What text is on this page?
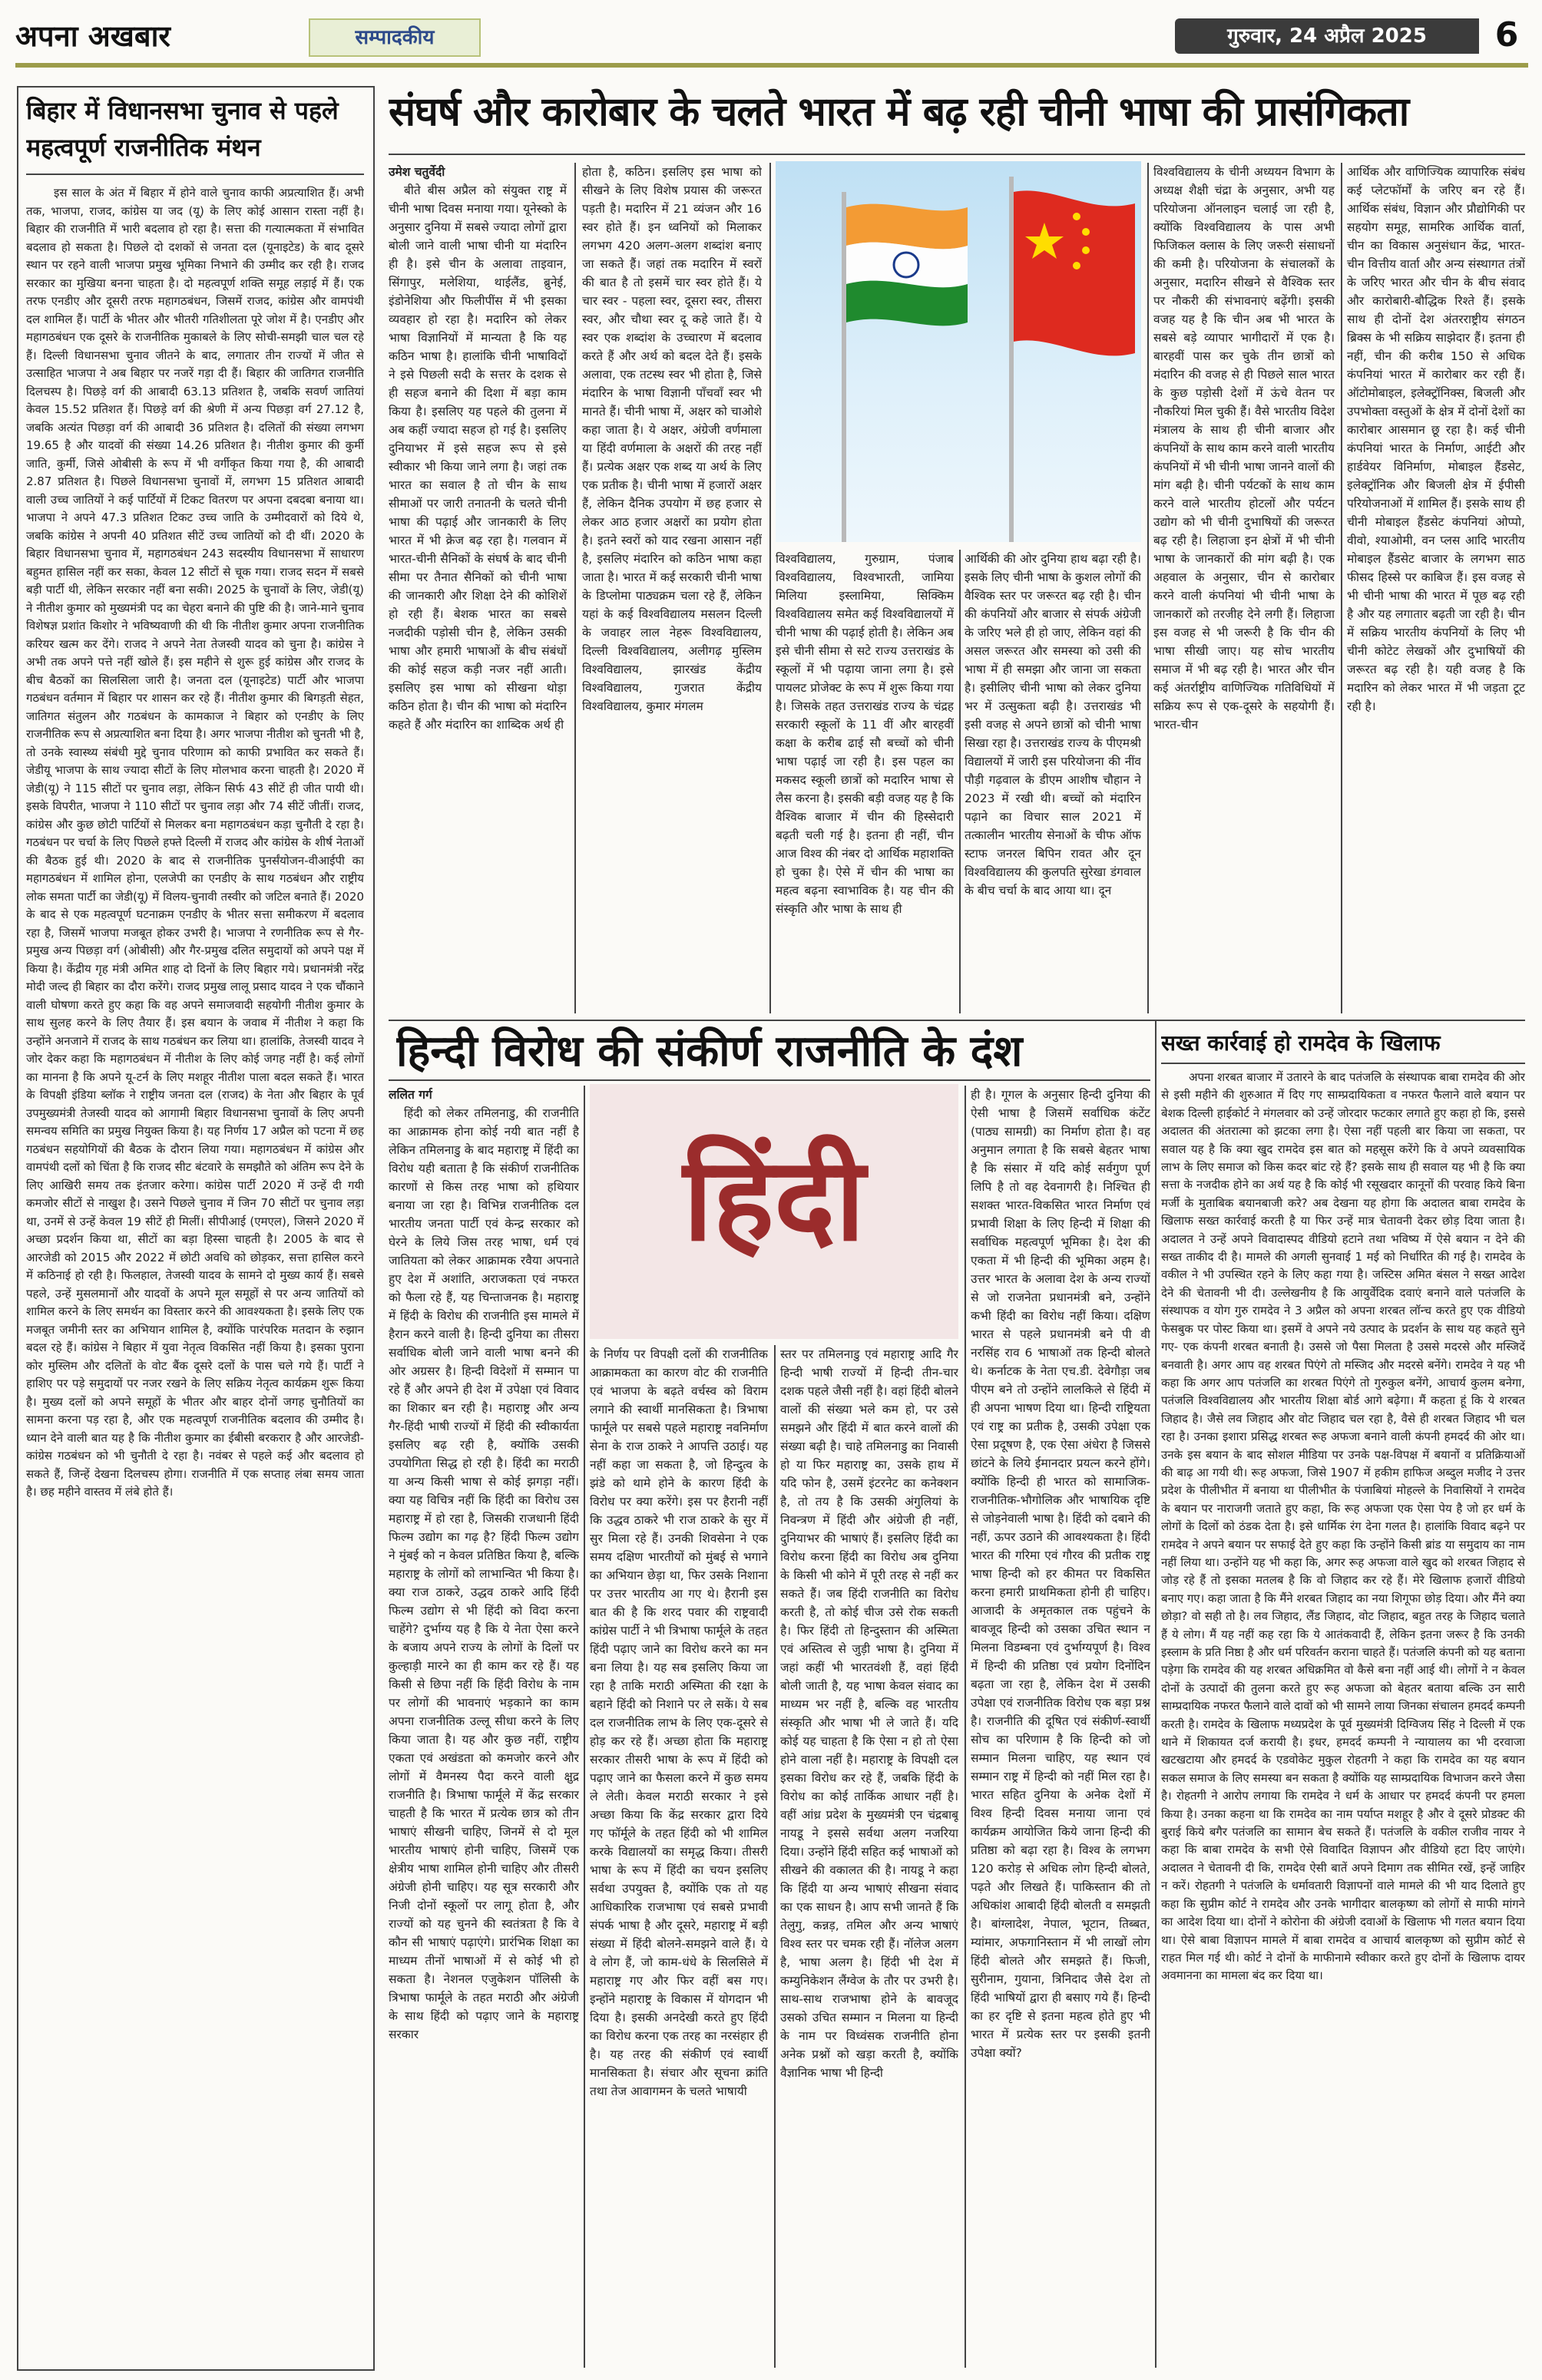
अपना अखबार	सम्पादकीय	गुरुवार, 24 अप्रैल 2025	6
बिहार में विधानसभा चुनाव से पहले महत्वपूर्ण राजनीतिक मंथन

इस साल के अंत में बिहार में होने वाले चुनाव काफी अप्रत्याशित हैं। अभी तक, भाजपा, राजद, कांग्रेस या जद (यू) के लिए कोई आसान रास्ता नहीं है। बिहार की राजनीति में भारी बदलाव हो रहा है। सत्ता की गत्यात्मकता में संभावित बदलाव हो सकता है। पिछले दो दशकों से जनता दल (यूनाइटेड) के बाद दूसरे स्थान पर रहने वाली भाजपा प्रमुख भूमिका निभाने की उम्मीद कर रही है। राजद सरकार का मुखिया बनना चाहता है। दो महत्वपूर्ण शक्ति समूह लड़ाई में हैं। एक तरफ एनडीए और दूसरी तरफ महागठबंधन, जिसमें राजद, कांग्रेस और वामपंथी दल शामिल हैं। पार्टी के भीतर और भीतरी गतिशीलता पूरे जोश में है। एनडीए और महागठबंधन एक दूसरे के राजनीतिक मुकाबले के लिए सोची-समझी चाल चल रहे हैं। दिल्ली विधानसभा चुनाव जीतने के बाद, लगातार तीन राज्यों में जीत से उत्साहित भाजपा ने अब बिहार पर नजरें गड़ा दी हैं। बिहार की जातिगत राजनीति दिलचस्प है। पिछड़े वर्ग की आबादी 63.13 प्रतिशत है, जबकि सवर्ण जातियां केवल 15.52 प्रतिशत हैं। पिछड़े वर्ग की श्रेणी में अन्य पिछड़ा वर्ग 27.12 है, जबकि अत्यंत पिछड़ा वर्ग की आबादी 36 प्रतिशत है। दलितों की संख्या लगभग 19.65 है और यादवों की संख्या 14.26 प्रतिशत है। नीतीश कुमार की कुर्मी जाति, कुर्मी, जिसे ओबीसी के रूप में भी वर्गीकृत किया गया है, की आबादी 2.87 प्रतिशत है। पिछले विधानसभा चुनावों में, लगभग 15 प्रतिशत आबादी वाली उच्च जातियों ने कई पार्टियों में टिकट वितरण पर अपना दबदबा बनाया था। भाजपा ने अपने 47.3 प्रतिशत टिकट उच्च जाति के उम्मीदवारों को दिये थे, जबकि कांग्रेस ने अपनी 40 प्रतिशत सीटें उच्च जातियों को दी थीं। 2020 के बिहार विधानसभा चुनाव में, महागठबंधन 243 सदस्यीय विधानसभा में साधारण बहुमत हासिल नहीं कर सका, केवल 12 सीटों से चूक गया। राजद सदन में सबसे बड़ी पार्टी थी, लेकिन सरकार नहीं बना सकी। 2025 के चुनावों के लिए, जेडी(यू) ने नीतीश कुमार को मुख्यमंत्री पद का चेहरा बनाने की पुष्टि की है। जाने-माने चुनाव विशेषज्ञ प्रशांत किशोर ने भविष्यवाणी की थी कि नीतीश कुमार अपना राजनीतिक करियर खत्म कर देंगे। राजद ने अपने नेता तेजस्वी यादव को चुना है। कांग्रेस ने अभी तक अपने पत्ते नहीं खोले हैं। इस महीने से शुरू हुई कांग्रेस और राजद के बीच बैठकों का सिलसिला जारी है। जनता दल (यूनाइटेड) पार्टी और भाजपा गठबंधन वर्तमान में बिहार पर शासन कर रहे हैं। नीतीश कुमार की बिगड़ती सेहत, जातिगत संतुलन और गठबंधन के कामकाज ने बिहार को एनडीए के लिए राजनीतिक रूप से अप्रत्याशित बना दिया है। अगर भाजपा नीतीश को चुनती भी है, तो उनके स्वास्थ्य संबंधी मुद्दे चुनाव परिणाम को काफी प्रभावित कर सकते हैं। जेडीयू भाजपा के साथ ज्यादा सीटों के लिए मोलभाव करना चाहती है। 2020 में जेडी(यू) ने 115 सीटों पर चुनाव लड़ा, लेकिन सिर्फ 43 सीटें ही जीत पायी थी। इसके विपरीत, भाजपा ने 110 सीटों पर चुनाव लड़ा और 74 सीटें जीतीं। राजद, कांग्रेस और कुछ छोटी पार्टियों से मिलकर बना महागठबंधन कड़ा चुनौती दे रहा है। गठबंधन पर चर्चा के लिए पिछले हफ्ते दिल्ली में राजद और कांग्रेस के शीर्ष नेताओं की बैठक हुई थी। 2020 के बाद से राजनीतिक पुनर्संयोजन-वीआईपी का महागठबंधन में शामिल होना, एलजेपी का एनडीए के साथ गठबंधन और राष्ट्रीय लोक समता पार्टी का जेडी(यू) में विलय-चुनावी तस्वीर को जटिल बनाते हैं। 2020 के बाद से एक महत्वपूर्ण घटनाक्रम एनडीए के भीतर सत्ता समीकरण में बदलाव रहा है, जिसमें भाजपा मजबूत होकर उभरी है। भाजपा ने रणनीतिक रूप से गैर-प्रमुख अन्य पिछड़ा वर्ग (ओबीसी) और गैर-प्रमुख दलित समुदायों को अपने पक्ष में किया है। केंद्रीय गृह मंत्री अमित शाह दो दिनों के लिए बिहार गये। प्रधानमंत्री नरेंद्र मोदी जल्द ही बिहार का दौरा करेंगे। राजद प्रमुख लालू प्रसाद यादव ने एक चौंकाने वाली घोषणा करते हुए कहा कि वह अपने समाजवादी सहयोगी नीतीश कुमार के साथ सुलह करने के लिए तैयार हैं। इस बयान के जवाब में नीतीश ने कहा कि उन्होंने अनजाने में राजद के साथ गठबंधन कर लिया था। हालांकि, तेजस्वी यादव ने जोर देकर कहा कि महागठबंधन में नीतीश के लिए कोई जगह नहीं है। कई लोगों का मानना है कि अपने यू-टर्न के लिए मशहूर नीतीश पाला बदल सकते हैं। भारत के विपक्षी इंडिया ब्लॉक ने राष्ट्रीय जनता दल (राजद) के नेता और बिहार के पूर्व उपमुख्यमंत्री तेजस्वी यादव को आगामी बिहार विधानसभा चुनावों के लिए अपनी समन्वय समिति का प्रमुख नियुक्त किया है। यह निर्णय 17 अप्रैल को पटना में छह गठबंधन सहयोगियों की बैठक के दौरान लिया गया। महागठबंधन में कांग्रेस और वामपंथी दलों को चिंता है कि राजद सीट बंटवारे के समझौते को अंतिम रूप देने के लिए आखिरी समय तक इंतजार करेगा। कांग्रेस पार्टी 2020 में उन्हें दी गयी कमजोर सीटों से नाखुश है। उसने पिछले चुनाव में जिन 70 सीटों पर चुनाव लड़ा था, उनमें से उन्हें केवल 19 सीटें ही मिलीं। सीपीआई (एमएल), जिसने 2020 में अच्छा प्रदर्शन किया था, सीटों का बड़ा हिस्सा चाहती है। 2005 के बाद से आरजेडी को 2015 और 2022 में छोटी अवधि को छोड़कर, सत्ता हासिल करने में कठिनाई हो रही है। फिलहाल, तेजस्वी यादव के सामने दो मुख्य कार्य हैं। सबसे पहले, उन्हें मुसलमानों और यादवों के अपने मूल समूहों से पर अन्य जातियों को शामिल करने के लिए समर्थन का विस्तार करने की आवश्यकता है। इसके लिए एक मजबूत जमीनी स्तर का अभियान शामिल है, क्योंकि पारंपरिक मतदान के रुझान बदल रहे हैं। कांग्रेस ने बिहार में युवा नेतृत्व विकसित नहीं किया है। इसका पुराना कोर मुस्लिम और दलितों के वोट बैंक दूसरे दलों के पास चले गये हैं। पार्टी ने हाशिए पर पड़े समुदायों पर नजर रखने के लिए सक्रिय नेतृत्व कार्यक्रम शुरू किया है। मुख्य दलों को अपने समूहों के भीतर और बाहर दोनों जगह चुनौतियों का सामना करना पड़ रहा है, और एक महत्वपूर्ण राजनीतिक बदलाव की उम्मीद है। ध्यान देने वाली बात यह है कि नीतीश कुमार का ईबीसी बरकरार है और आरजेडी-कांग्रेस गठबंधन को भी चुनौती दे रहा है। नवंबर से पहले कई और बदलाव हो सकते हैं, जिन्हें देखना दिलचस्प होगा। राजनीति में एक सप्ताह लंबा समय जाता है। छह महीने वास्तव में लंबे होते हैं।

संघर्ष और कारोबार के चलते भारत में बढ़ रही चीनी भाषा की प्रासंगिकता

उमेश चतुर्वेदी

बीते बीस अप्रैल को संयुक्त राष्ट्र में चीनी भाषा दिवस मनाया गया। यूनेस्को के अनुसार दुनिया में सबसे ज्यादा लोगों द्वारा बोली जाने वाली भाषा चीनी या मंदारिन ही है। इसे चीन के अलावा ताइवान, सिंगापुर, मलेशिया, थाईलैंड, ब्रुनेई, इंडोनेशिया और फिलीपींस में भी इसका व्यवहार हो रहा है। मदारिन को लेकर भाषा विज्ञानियों में मान्यता है कि यह कठिन भाषा है। हालांकि चीनी भाषाविदों ने इसे पिछली सदी के सत्तर के दशक से ही सहज बनाने की दिशा में बड़ा काम किया है। इसलिए यह पहले की तुलना में अब कहीं ज्यादा सहज हो गई है। इसलिए दुनियाभर में इसे सहज रूप से इसे स्वीकार भी किया जाने लगा है। जहां तक भारत का सवाल है तो चीन के साथ सीमाओं पर जारी तनातनी के चलते चीनी भाषा की पढ़ाई और जानकारी के लिए भारत में भी क्रेज बढ़ रहा है। गलवान में भारत-चीनी सैनिकों के संघर्ष के बाद चीनी सीमा पर तैनात सैनिकों को चीनी भाषा की जानकारी और शिक्षा देने की कोशिशें हो रही हैं। बेशक भारत का सबसे नजदीकी पड़ोसी चीन है, लेकिन उसकी भाषा और हमारी भाषाओं के बीच संबंधों की कोई सहज कड़ी नजर नहीं आती। इसलिए इस भाषा को सीखना थोड़ा कठिन होता है। चीन की भाषा को मंदारिन कहते हैं और मंदारिन का शाब्दिक अर्थ ही

होता है, कठिन। इसलिए इस भाषा को सीखने के लिए विशेष प्रयास की जरूरत पड़ती है। मदारिन में 21 व्यंजन और 16 स्वर होते हैं। इन ध्वनियों को मिलाकर लगभग 420 अलग-अलग शब्दांश बनाए जा सकते हैं। जहां तक मदारिन में स्वरों की बात है तो इसमें चार स्वर होते हैं। ये चार स्वर - पहला स्वर, दूसरा स्वर, तीसरा स्वर, और चौथा स्वर दू कहे जाते हैं। ये स्वर एक शब्दांश के उच्चारण में बदलाव करते हैं और अर्थ को बदल देते हैं। इसके अलावा, एक तटस्थ स्वर भी होता है, जिसे मंदारिन के भाषा विज्ञानी पाँचवाँ स्वर भी मानते हैं। चीनी भाषा में, अक्षर को चाओशे कहा जाता है। ये अक्षर, अंग्रेजी वर्णमाला या हिंदी वर्णमाला के अक्षरों की तरह नहीं हैं। प्रत्येक अक्षर एक शब्द या अर्थ के लिए एक प्रतीक है। चीनी भाषा में हजारों अक्षर हैं, लेकिन दैनिक उपयोग में छह हजार से लेकर आठ हजार अक्षरों का प्रयोग होता है। इतने स्वरों को याद रखना आसान नहीं है, इसलिए मंदारिन को कठिन भाषा कहा जाता है। भारत में कई सरकारी चीनी भाषा के डिप्लोमा पाठ्यक्रम चला रहे हैं, लेकिन यहां के कई विश्वविद्यालय मसलन दिल्ली के जवाहर लाल नेहरू विश्वविद्यालय, दिल्ली विश्वविद्यालय, अलीगढ़ मुस्लिम विश्वविद्यालय, झारखंड केंद्रीय विश्वविद्यालय, गुजरात केंद्रीय विश्वविद्यालय, कुमार मंगलम

विश्वविद्यालय, गुरुग्राम, पंजाब विश्वविद्यालय, विश्वभारती, जामिया मिलिया इस्लामिया, सिक्किम विश्वविद्यालय समेत कई विश्वविद्यालयों में चीनी भाषा की पढ़ाई होती है। लेकिन अब इसे चीनी सीमा से सटे राज्य उत्तराखंड के स्कूलों में भी पढ़ाया जाना लगा है। इसे पायलट प्रोजेक्ट के रूप में शुरू किया गया है। जिसके तहत उत्तराखंड राज्य के चंद्रह सरकारी स्कूलों के 11 वीं और बारहवीं कक्षा के करीब ढाई सौ बच्चों को चीनी भाषा पढ़ाई जा रही है। इस पहल का मकसद स्कूली छात्रों को मदारिन भाषा से लैस करना है। इसकी बड़ी वजह यह है कि वैश्विक बाजार में चीन की हिस्सेदारी बढ़ती चली गई है। इतना ही नहीं, चीन आज विश्व की नंबर दो आर्थिक महाशक्ति हो चुका है। ऐसे में चीन की भाषा का महत्व बढ़ना स्वाभाविक है। यह चीन की संस्कृति और भाषा के साथ ही

आर्थिकी की ओर दुनिया हाथ बढ़ा रही है। इसके लिए चीनी भाषा के कुशल लोगों की वैश्विक स्तर पर जरूरत बढ़ रही है। चीन की कंपनियों और बाजार से संपर्क अंग्रेजी के जरिए भले ही हो जाए, लेकिन वहां की असल जरूरत और समस्या को उसी की भाषा में ही समझा और जाना जा सकता है। इसीलिए चीनी भाषा को लेकर दुनिया भर में उत्सुकता बढ़ी है। उत्तराखंड भी इसी वजह से अपने छात्रों को चीनी भाषा सिखा रहा है। उत्तराखंड राज्य के पीएमश्री विद्यालयों में जारी इस परियोजना की नींव पौड़ी गढ़वाल के डीएम आशीष चौहान ने 2023 में रखी थी। बच्चों को मंदारिन पढ़ाने का विचार साल 2021 में तत्कालीन भारतीय सेनाओं के चीफ ऑफ स्टाफ जनरल बिपिन रावत और दून विश्वविद्यालय की कुलपति सुरेखा डंगवाल के बीच चर्चा के बाद आया था। दून

विश्वविद्यालय के चीनी अध्ययन विभाग के अध्यक्ष शैक्षी चंद्रा के अनुसार, अभी यह परियोजना ऑनलाइन चलाई जा रही है, क्योंकि विश्वविद्यालय के पास अभी फिजिकल क्लास के लिए जरूरी संसाधनों की कमी है। परियोजना के संचालकों के अनुसार, मदारिन सीखने से वैश्विक स्तर पर नौकरी की संभावनाएं बढ़ेंगी। इसकी वजह यह है कि चीन अब भी भारत के सबसे बड़े व्यापार भागीदारों में एक है। बारहवीं पास कर चुके तीन छात्रों को मंदारिन की वजह से ही पिछले साल भारत के कुछ पड़ोसी देशों में ऊंचे वेतन पर नौकरियां मिल चुकी हैं। वैसे भारतीय विदेश मंत्रालय के साथ ही चीनी बाजार और कंपनियों के साथ काम करने वाली भारतीय कंपनियों में भी चीनी भाषा जानने वालों की मांग बढ़ी है। चीनी पर्यटकों के साथ काम करने वाले भारतीय होटलों और पर्यटन उद्योग को भी चीनी दुभाषियों की जरूरत बढ़ रही है। लिहाजा इन क्षेत्रों में भी चीनी भाषा के जानकारों की मांग बढ़ी है। एक अहवाल के अनुसार, चीन से कारोबार करने वाली कंपनियां भी चीनी भाषा के जानकारों को तरजीह देने लगी हैं। लिहाजा इस वजह से भी जरूरी है कि चीन की भाषा सीखी जाए। यह सोच भारतीय समाज में भी बढ़ रही है। भारत और चीन कई अंतर्राष्ट्रीय वाणिज्यिक गतिविधियों में सक्रिय रूप से एक-दूसरे के सहयोगी हैं। भारत-चीन

आर्थिक और वाणिज्यिक व्यापारिक संबंध कई प्लेटफॉर्मों के जरिए बन रहे हैं। आर्थिक संबंध, विज्ञान और प्रौद्योगिकी पर सहयोग समूह, सामरिक आर्थिक वार्ता, चीन का विकास अनुसंधान केंद्र, भारत-चीन वित्तीय वार्ता और अन्य संस्थागत तंत्रों के जरिए भारत और चीन के बीच संवाद और कारोबारी-बौद्धिक रिश्ते हैं। इसके साथ ही दोनों देश अंतरराष्ट्रीय संगठन ब्रिक्स के भी सक्रिय साझेदार हैं। इतना ही नहीं, चीन की करीब 150 से अधिक कंपनियां भारत में कारोबार कर रही हैं। ऑटोमोबाइल, इलेक्ट्रॉनिक्स, बिजली और उपभोक्ता वस्तुओं के क्षेत्र में दोनों देशों का कारोबार आसमान छू रहा है। कई चीनी कंपनियां भारत के निर्माण, आईटी और हार्डवेयर विनिर्माण, मोबाइल हैंडसेट, इलेक्ट्रॉनिक और बिजली क्षेत्र में ईपीसी परियोजनाओं में शामिल हैं। इसके साथ ही चीनी मोबाइल हैंडसेट कंपनियां ओप्पो, वीवो, श्याओमी, वन प्लस आदि भारतीय मोबाइल हैंडसेट बाजार के लगभग साठ फीसद हिस्से पर काबिज हैं। इस वजह से भी चीनी भाषा की भारत में पूछ बढ़ रही है और यह लगातार बढ़ती जा रही है। चीन में सक्रिय भारतीय कंपनियों के लिए भी चीनी कोटेट लेखकों और दुभाषियों की जरूरत बढ़ रही है। यही वजह है कि मदारिन को लेकर भारत में भी जड़ता टूट रही है।

हिन्दी विरोध की संकीर्ण राजनीति के दंश	सख्त कार्रवाई हो रामदेव के खिलाफ

अपना शरबत बाजार में उतारने के बाद पतंजलि के संस्थापक बाबा रामदेव की ओर से इसी महीने की शुरुआत में दिए गए साम्प्रदायिकता व नफरत फैलाने वाले बयान पर बेशक दिल्ली हाईकोर्ट ने मंगलवार को उन्हें जोरदार फटकार लगाते हुए कहा हो कि, इससे अदालत की अंतरात्मा को झटका लगा है। ऐसा नहीं पहली बार किया जा सकता, पर सवाल यह है कि क्या खुद रामदेव इस बात को महसूस करेंगे कि वे अपने व्यवसायिक लाभ के लिए समाज को किस कदर बांट रहे हैं? इसके साथ ही सवाल यह भी है कि क्या सत्ता के नजदीक होने का अर्थ यह है कि कोई भी रसूखदार कानूनों की परवाह किये बिना मर्जी के मुताबिक बयानबाजी करे? अब देखना यह होगा कि अदालत बाबा रामदेव के खिलाफ सख्त कार्रवाई करती है या फिर उन्हें मात्र चेतावनी देकर छोड़ दिया जाता है। अदालत ने उन्हें अपने विवादास्पद वीडियो हटाने तथा भविष्य में ऐसे बयान न देने की सख्त ताकीद दी है। मामले की अगली सुनवाई 1 मई को निर्धारित की गई है। रामदेव के वकील ने भी उपस्थित रहने के लिए कहा गया है। जस्टिस अमित बंसल ने सख्त आदेश देने की चेतावनी भी दी। उल्लेखनीय है कि आयुर्वेदिक दवाएं बनाने वाले पतंजलि के संस्थापक व योग गुरु रामदेव ने 3 अप्रैल को अपना शरबत लॉन्च करते हुए एक वीडियो फेसबुक पर पोस्ट किया था। इसमें वे अपने नये उत्पाद के प्रदर्शन के साथ यह कहते सुने गए- एक कंपनी शरबत बनाती है। उससे जो पैसा मिलता है उससे मदरसे और मस्जिदें बनवाती है। अगर आप वह शरबत पिएंगे तो मस्जिद और मदरसे बनेंगे। रामदेव ने यह भी कहा कि अगर आप पतंजलि का शरबत पिएंगे तो गुरुकुल बनेंगे, आचार्य कुलम बनेगा, पतंजलि विश्वविद्यालय और भारतीय शिक्षा बोर्ड आगे बढ़ेगा। मैं कहता हूं कि ये शरबत जिहाद है। जैसे लव जिहाद और वोट जिहाद चल रहा है, वैसे ही शरबत जिहाद भी चल रहा है। उनका इशारा प्रसिद्ध शरबत रूह अफजा बनाने वाली कंपनी हमदर्द की ओर था। उनके इस बयान के बाद सोशल मीडिया पर उनके पक्ष-विपक्ष में बयानों व प्रतिक्रियाओं की बाढ़ आ गयी थी। रूह अफजा, जिसे 1907 में हकीम हाफिज अब्दुल मजीद ने उत्तर प्रदेश के पीलीभीत में बनाया था पीलीभीत के पंजाबियां मोहल्ले के निवासियों ने रामदेव के बयान पर नाराजगी जताते हुए कहा, कि रूह अफजा एक ऐसा पेय है जो हर धर्म के लोगों के दिलों को ठंडक देता है। इसे धार्मिक रंग देना गलत है। हालांकि विवाद बढ़ने पर रामदेव ने अपने बयान पर सफाई देते हुए कहा कि उन्होंने किसी ब्रांड या समुदाय का नाम नहीं लिया था। उन्होंने यह भी कहा कि, अगर रूह अफजा वाले खुद को शरबत जिहाद से जोड़ रहे हैं तो इसका मतलब है कि वो जिहाद कर रहे हैं। मेरे खिलाफ हजारों वीडियो बनाए गए। कहा जाता है कि मैंने शरबत जिहाद का नया शिगूफा छोड़ दिया। और मैंने क्या छोड़ा? वो सही तो है। लव जिहाद, लैंड जिहाद, वोट जिहाद, बहुत तरह के जिहाद चलाते हैं ये लोग। मैं यह नहीं कह रहा कि ये आतंकवादी हैं, लेकिन इतना जरूर है कि उनकी इस्लाम के प्रति निष्ठा है और धर्म परिवर्तन कराना चाहते हैं। पतंजलि कंपनी को यह बताना पड़ेगा कि रामदेव की यह शरबत अधिक्रमित वो कैसे बना नहीं आई थी। लोगों ने न केवल दोनों के उत्पादों की तुलना करते हुए रूह अफजा को बेहतर बताया बल्कि उन सारी साम्प्रदायिक नफरत फैलाने वाले दावों को भी सामने लाया जिनका संचालन हमदर्द कम्पनी करती है। रामदेव के खिलाफ मध्यप्रदेश के पूर्व मुख्यमंत्री दिग्विजय सिंह ने दिल्ली में एक थाने में शिकायत दर्ज करायी है। इधर, हमदर्द कम्पनी ने न्यायालय का भी दरवाजा खटखटाया और हमदर्द के एडवोकेट मुकुल रोहतगी ने कहा कि रामदेव का यह बयान सकल समाज के लिए समस्या बन सकता है क्योंकि यह साम्प्रदायिक विभाजन करने जैसा है। रोहतगी ने आरोप लगाया कि रामदेव ने धर्म के आधार पर हमदर्द कंपनी पर हमला किया है। उनका कहना था कि रामदेव का नाम पर्याप्त मशहूर है और वे दूसरे प्रोडक्ट की बुराई किये बगैर पतंजलि का सामान बेच सकते हैं। पतंजलि के वकील राजीव नायर ने कहा कि बाबा रामदेव के सभी ऐसे विवादित विज्ञापन और वीडियो हटा दिए जाएंगे। अदालत ने चेतावनी दी कि, रामदेव ऐसी बातें अपने दिमाग तक सीमित रखें, इन्हें जाहिर न करें। रोहतगी ने पतंजलि के धर्मावतारी विज्ञापनों वाले मामले की भी याद दिलाते हुए कहा कि सुप्रीम कोर्ट ने रामदेव और उनके भागीदार बालकृष्ण को लोगों से माफी मांगने का आदेश दिया था। दोनों ने कोरोना की अंग्रेजी दवाओं के खिलाफ भी गलत बयान दिया था। ऐसे बाबा विज्ञापन मामले में बाबा रामदेव व आचार्य बालकृष्ण को सुप्रीम कोर्ट से राहत मिल गई थी। कोर्ट ने दोनों के माफीनामे स्वीकार करते हुए दोनों के खिलाफ दायर अवमानना का मामला बंद कर दिया था।

ललित गर्ग

हिंदी को लेकर तमिलनाडु, की राजनीति का आक्रामक होना कोई नयी बात नहीं है लेकिन तमिलनाडु के बाद महाराष्ट्र में हिंदी का विरोध यही बताता है कि संकीर्ण राजनीतिक कारणों से किस तरह भाषा को हथियार बनाया जा रहा है। विभिन्न राजनीतिक दल भारतीय जनता पार्टी एवं केन्द्र सरकार को घेरने के लिये जिस तरह भाषा, धर्म एवं जातियता को लेकर आक्रामक रवैया अपनाते हुए देश में अशांति, अराजकता एवं नफरत को फैला रहे हैं, यह चिन्ताजनक है। महाराष्ट्र में हिंदी के विरोध की राजनीति इस मामले में हैरान करने वाली है। हिन्दी दुनिया का तीसरा सर्वाधिक बोली जाने वाली भाषा बनने की ओर अग्रसर है। हिन्दी विदेशों में सम्मान पा रहे हैं और अपने ही देश में उपेक्षा एवं विवाद का शिकार बन रही है। महाराष्ट्र और अन्य गैर-हिंदी भाषी राज्यों में हिंदी की स्वीकार्यता इसलिए बढ़ रही है, क्योंकि उसकी उपयोगिता सिद्ध हो रही है। हिंदी का मराठी या अन्य किसी भाषा से कोई झगड़ा नहीं। क्या यह विचित्र नहीं कि हिंदी का विरोध उस महाराष्ट्र में हो रहा है, जिसकी राजधानी हिंदी फिल्म उद्योग का गढ़ है? हिंदी फिल्म उद्योग ने मुंबई को न केवल प्रतिष्ठित किया है, बल्कि महाराष्ट्र के लोगों को लाभान्वित भी किया है। क्या राज ठाकरे, उद्धव ठाकरे आदि हिंदी फिल्म उद्योग से भी हिंदी को विदा करना चाहेंगे? दुर्भाग्य यह है कि ये नेता ऐसा करने के बजाय अपने राज्य के लोगों के दिलों पर कुल्हाड़ी मारने का ही काम कर रहे हैं। यह किसी से छिपा नहीं कि हिंदी विरोध के नाम पर लोगों की भावनाएं भड़काने का काम अपना राजनीतिक उल्लू सीधा करने के लिए किया जाता है। यह और कुछ नहीं, राष्ट्रीय एकता एवं अखंडता को कमजोर करने और लोगों में वैमनस्य पैदा करने वाली क्षुद्र राजनीति है। त्रिभाषा फार्मूले में केंद्र सरकार चाहती है कि भारत में प्रत्येक छात्र को तीन भाषाएं सीखनी चाहिए, जिनमें से दो मूल भारतीय भाषाएं होनी चाहिए, जिसमें एक क्षेत्रीय भाषा शामिल होनी चाहिए और तीसरी अंग्रेजी होनी चाहिए। यह सूत्र सरकारी और निजी दोनों स्कूलों पर लागू होता है, और राज्यों को यह चुनने की स्वतंत्रता है कि वे कौन सी भाषाएं पढ़ाएंगे। प्रारंभिक शिक्षा का माध्यम तीनों भाषाओं में से कोई भी हो सकता है। नेशनल एजुकेशन पॉलिसी के त्रिभाषा फार्मूले के तहत मराठी और अंग्रेजी के साथ हिंदी को पढ़ाए जाने के महाराष्ट्र सरकार

हिंदी

के निर्णय पर विपक्षी दलों की राजनीतिक आक्रामकता का कारण वोट की राजनीति एवं भाजपा के बढ़ते वर्चस्व को विराम लगाने की स्वार्थी मानसिकता है। त्रिभाषा फार्मूले पर सबसे पहले महाराष्ट्र नवनिर्माण सेना के राज ठाकरे ने आपत्ति उठाई। यह नहीं कहा जा सकता है, जो हिन्दुत्व के झंडे को थामे होने के कारण हिंदी के विरोध पर क्या करेंगे। इस पर हैरानी नहीं कि उद्धव ठाकरे भी राज ठाकरे के सुर में सुर मिला रहे हैं। उनकी शिवसेना ने एक समय दक्षिण भारतीयों को मुंबई से भगाने का अभियान छेड़ा था, फिर उसके निशाना पर उत्तर भारतीय आ गए थे। हैरानी इस बात की है कि शरद पवार की राष्ट्रवादी कांग्रेस पार्टी ने भी त्रिभाषा फार्मूले के तहत हिंदी पढ़ाए जाने का विरोध करने का मन बना लिया है। यह सब इसलिए किया जा रहा है ताकि मराठी अस्मिता की रक्षा के बहाने हिंदी को निशाने पर ले सकें। ये सब दल राजनीतिक लाभ के लिए एक-दूसरे से होड़ कर रहे हैं। अच्छा होता कि महाराष्ट्र सरकार तीसरी भाषा के रूप में हिंदी को पढ़ाए जाने का फैसला करने में कुछ समय ले लेती। केवल मराठी सरकार ने इसे अच्छा किया कि केंद्र सरकार द्वारा दिये गए फॉर्मूले के तहत हिंदी को भी शामिल करके विद्यालयों का समृद्ध किया। तीसरी भाषा के रूप में हिंदी का चयन इसलिए सर्वथा उपयुक्त है, क्योंकि एक तो यह आधिकारिक राजभाषा एवं सबसे प्रभावी संपर्क भाषा है और दूसरे, महाराष्ट्र में बड़ी संख्या में हिंदी बोलने-समझने वाले हैं। ये वे लोग हैं, जो काम-धंधे के सिलसिले में महाराष्ट्र गए और फिर वहीं बस गए। इन्होंने महाराष्ट्र के विकास में योगदान भी दिया है। इसकी अनदेखी करते हुए हिंदी का विरोध करना एक तरह का नरसंहार ही है। यह तरह की संकीर्ण एवं स्वार्थी मानसिकता है। संचार और सूचना क्रांति तथा तेज आवागमन के चलते भाषायी

स्तर पर तमिलनाडु एवं महाराष्ट्र आदि गैर हिन्दी भाषी राज्यों में हिन्दी तीन-चार दशक पहले जैसी नहीं है। वहां हिंदी बोलने वालों की संख्या भले कम हो, पर उसे समझने और हिंदी में बात करने वालों की संख्या बढ़ी है। चाहे तमिलनाडु का निवासी हो या फिर महाराष्ट्र का, उसके हाथ में यदि फोन है, उसमें इंटरनेट का कनेक्शन है, तो तय है कि उसकी अंगुलियां के निवन्त्रण में हिंदी और अंग्रेजी ही नहीं, दुनियाभर की भाषाएं हैं। इसलिए हिंदी का विरोध करना हिंदी का विरोध अब दुनिया के किसी भी कोने में पूरी तरह से नहीं कर सकते हैं। जब हिंदी राजनीति का विरोध करती है, तो कोई चीज उसे रोक सकती है। फिर हिंदी तो हिन्दुस्तान की अस्मिता एवं अस्तित्व से जुड़ी भाषा है। दुनिया में जहां कहीं भी भारतवंशी हैं, वहां हिंदी बोली जाती है, यह भाषा केवल संवाद का माध्यम भर नहीं है, बल्कि वह भारतीय संस्कृति और भाषा भी ले जाते हैं। यदि कोई यह चाहता है कि ऐसा न हो तो ऐसा होने वाला नहीं है। महाराष्ट्र के विपक्षी दल इसका विरोध कर रहे हैं, जबकि हिंदी के विरोध का कोई तार्किक आधार नहीं है। वहीं आंध्र प्रदेश के मुख्यमंत्री एन चंद्रबाबू नायडू ने इससे सर्वथा अलग नजरिया दिया। उन्होंने हिंदी सहित कई भाषाओं को सीखने की वकालत की है। नायडू ने कहा कि हिंदी या अन्य भाषाएं सीखना संवाद का एक साधन है। आप सभी जानते हैं कि तेलुगु, कन्नड़, तमिल और अन्य भाषाएं विश्व स्तर पर चमक रही हैं। नॉलेज अलग है, भाषा अलग है। हिंदी भी देश में कम्युनिकेशन लैंग्वेज के तौर पर उभरी है। साथ-साथ राजभाषा होने के बावजूद उसको उचित सम्मान न मिलना या हिन्दी के नाम पर विध्वंसक राजनीति होना अनेक प्रश्नों को खड़ा करती है, क्योंकि वैज्ञानिक भाषा भी हिन्दी

ही है। गूगल के अनुसार हिन्दी दुनिया की ऐसी भाषा है जिसमें सर्वाधिक कंटेंट (पाठ्य सामग्री) का निर्माण होता है। वह अनुमान लगाता है कि सबसे बेहतर भाषा है कि संसार में यदि कोई सर्वगुण पूर्ण लिपि है तो वह देवनागरी है। निश्चित ही सशक्त भारत-विकसित भारत निर्माण एवं प्रभावी शिक्षा के लिए हिन्दी में शिक्षा की सर्वाधिक महत्वपूर्ण भूमिका है। देश की एकता में भी हिन्दी की भूमिका अहम है। उत्तर भारत के अलावा देश के अन्य राज्यों से जो राजनेता प्रधानमंत्री बने, उन्होंने कभी हिंदी का विरोध नहीं किया। दक्षिण भारत से पहले प्रधानमंत्री बने पी वी नरसिंह राव 6 भाषाओं तक हिन्दी बोलते थे। कर्नाटक के नेता एच.डी. देवेगौड़ा जब पीएम बने तो उन्होंने लालकिले से हिंदी में ही अपना भाषण दिया था। हिन्दी राष्ट्रियता एवं राष्ट्र का प्रतीक है, उसकी उपेक्षा एक ऐसा प्रदूषण है, एक ऐसा अंधेरा है जिससे छांटने के लिये ईमानदार प्रयत्न करने होंगे। क्योंकि हिन्दी ही भारत को सामाजिक-राजनीतिक-भौगोलिक और भाषायिक दृष्टि से जोड़नेवाली भाषा है। हिंदी को दबाने की नहीं, ऊपर उठाने की आवश्यकता है। हिंदी भारत की गरिमा एवं गौरव की प्रतीक राष्ट्र भाषा हिन्दी को हर कीमत पर विकसित करना हमारी प्राथमिकता होनी ही चाहिए। आजादी के अमृतकाल तक पहुंचने के बावजूद हिन्दी को उसका उचित स्थान न मिलना विडम्बना एवं दुर्भाग्यपूर्ण है। विश्व में हिन्दी की प्रतिष्ठा एवं प्रयोग दिनोंदिन बढ़ता जा रहा है, लेकिन देश में उसकी उपेक्षा एवं राजनीतिक विरोध एक बड़ा प्रश्न है। राजनीति की दूषित एवं संकीर्ण-स्वार्थी सोच का परिणाम है कि हिन्दी को जो सम्मान मिलना चाहिए, यह स्थान एवं सम्मान राष्ट्र में हिन्दी को नहीं मिल रहा है। भारत सहित दुनिया के अनेक देशों में विश्व हिन्दी दिवस मनाया जाना एवं कार्यक्रम आयोजित किये जाना हिन्दी की प्रतिष्ठा को बढ़ा रहा है। विश्व के लगभग 120 करोड़ से अधिक लोग हिन्दी बोलते, पढ़ते और लिखते हैं। पाकिस्तान की तो अधिकांश आबादी हिंदी बोलती व समझती है। बांग्लादेश, नेपाल, भूटान, तिब्बत, म्यांमार, अफगानिस्तान में भी लाखों लोग हिंदी बोलते और समझते हैं। फिजी, सुरीनाम, गुयाना, त्रिनिदाद जैसे देश तो हिंदी भाषियों द्वारा ही बसाए गये हैं। हिन्दी का हर दृष्टि से इतना महत्व होते हुए भी भारत में प्रत्येक स्तर पर इसकी इतनी उपेक्षा क्यों?
